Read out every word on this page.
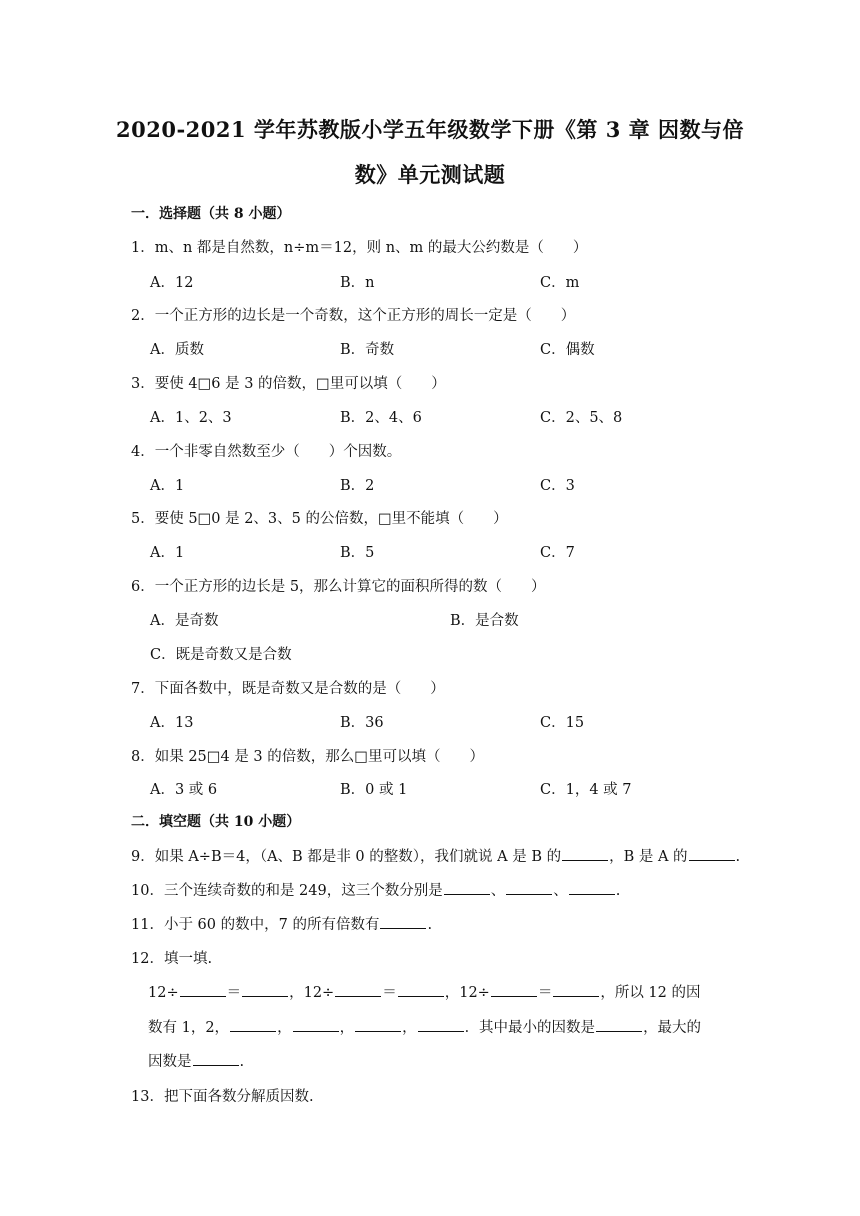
2020-2021 学年苏教版小学五年级数学下册《第 3 章 因数与倍
数》单元测试题
一．选择题（共 8 小题）
1．m、n 都是自然数，n÷m＝12，则 n、m 的最大公约数是（　　）
A．12	B．n	C．m
2．一个正方形的边长是一个奇数，这个正方形的周长一定是（　　）
A．质数	B．奇数	C．偶数
3．要使 4□6 是 3 的倍数，□里可以填（　　）
A．1、2、3	B．2、4、6	C．2、5、8
4．一个非零自然数至少（　　）个因数。
A．1	B．2	C．3
5．要使 5□0 是 2、3、5 的公倍数，□里不能填（　　）
A．1	B．5	C．7
6．一个正方形的边长是 5，那么计算它的面积所得的数（　　）
A．是奇数	B．是合数
C．既是奇数又是合数
7．下面各数中，既是奇数又是合数的是（　　）
A．13	B．36	C．15
8．如果 25□4 是 3 的倍数，那么□里可以填（　　）
A．3 或 6	B．0 或 1	C．1，4 或 7
二．填空题（共 10 小题）
9．如果 A÷B＝4，（A、B 都是非 0 的整数），我们就说 A 是 B 的	，B 是 A 的	.
10．三个连续奇数的和是 249，这三个数分别是	、	、	.
11．小于 60 的数中，7 的所有倍数有	.
12．填一填.
12÷	＝	，12÷	＝	，12÷	＝	，所以 12 的因
数有 1，2，	，	，	，	．其中最小的因数是	，最大的
因数是	.
13．把下面各数分解质因数.
